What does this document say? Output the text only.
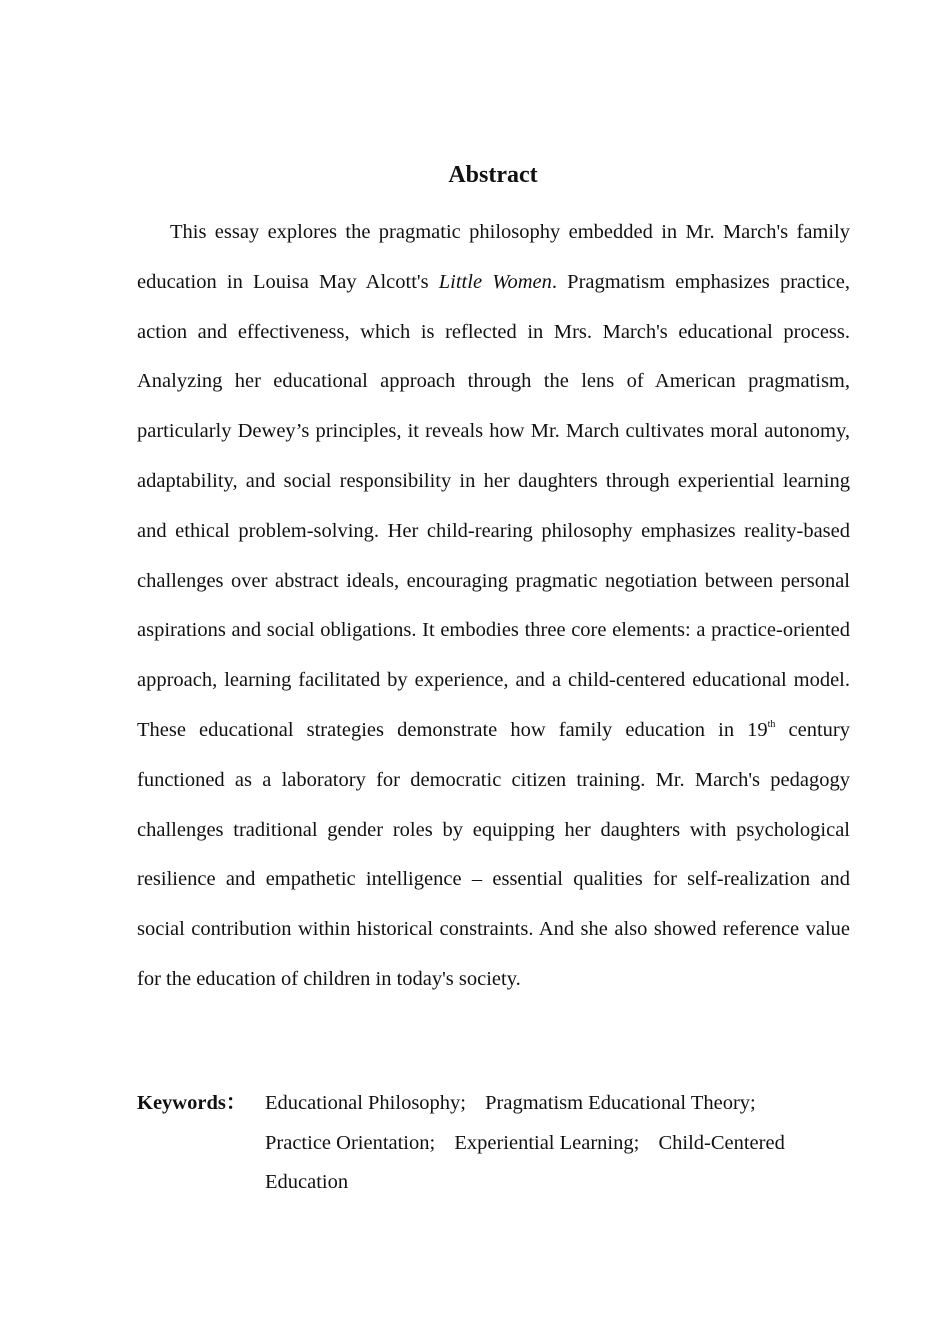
Abstract

This essay explores the pragmatic philosophy embedded in Mr. March's family education in Louisa May Alcott's Little Women. Pragmatism emphasizes practice, action and effectiveness, which is reflected in Mrs. March's educational process. Analyzing her educational approach through the lens of American pragmatism, particularly Dewey’s principles, it reveals how Mr. March cultivates moral autonomy, adaptability, and social responsibility in her daughters through experiential learning and ethical problem-solving. Her child-rearing philosophy emphasizes reality-based challenges over abstract ideals, encouraging pragmatic negotiation between personal aspirations and social obligations. It embodies three core elements: a practice-oriented approach, learning facilitated by experience, and a child-centered educational model. These educational strategies demonstrate how family education in 19th century functioned as a laboratory for democratic citizen training. Mr. March's pedagogy challenges traditional gender roles by equipping her daughters with psychological resilience and empathetic intelligence – essential qualities for self-realization and social contribution within historical constraints. And she also showed reference value for the education of children in today's society.

Keywords： Educational Philosophy; Pragmatism Educational Theory;
Practice Orientation; Experiential Learning; Child-Centered Education
